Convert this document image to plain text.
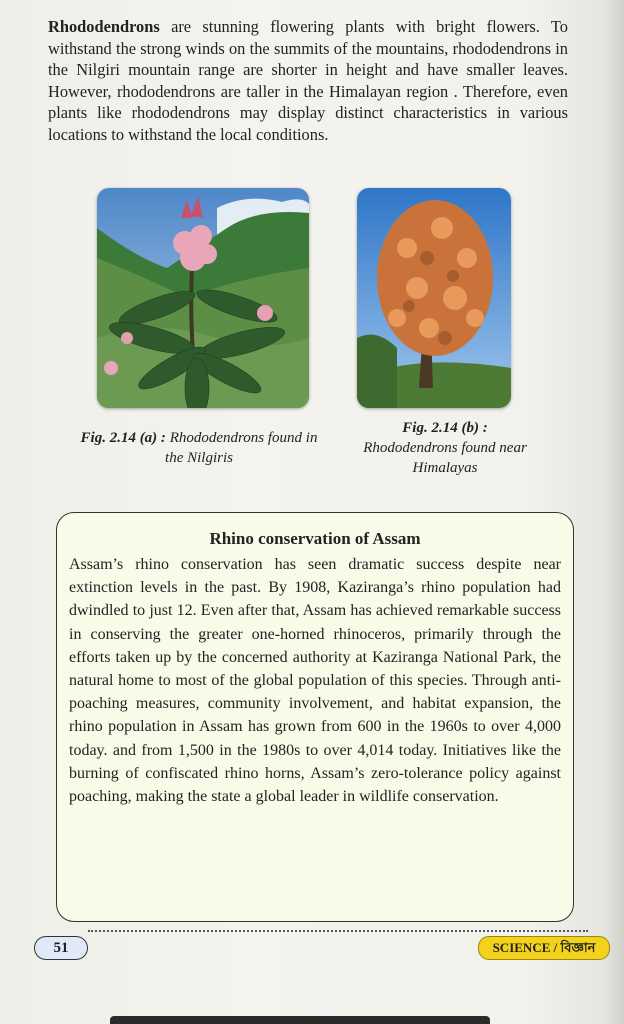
Rhododendrons are stunning flowering plants with bright flowers. To withstand the strong winds on the summits of the mountains, rhododendrons in the Nilgiri mountain range are shorter in height and have smaller leaves. However, rhododendrons are taller in the Himalayan region . Therefore, even plants like rhododendrons may display distinct characteristics in various locations to withstand the local conditions.

Fig. 2.14 (a) : Rhododendrons found in the Nilgiris

Fig. 2.14 (b) :
Rhododendrons found near Himalayas

Rhino conservation of Assam

Assam’s rhino conservation has seen dramatic success despite near extinction levels in the past. By 1908, Kaziranga’s rhino population had dwindled to just 12. Even after that, Assam has achieved remarkable success in conserving the greater one-horned rhinoceros, primarily through the efforts taken up by the concerned authority at Kaziranga National Park, the natural home to most of the global population of this species. Through anti-poaching measures, community involvement, and habitat expansion, the rhino population in Assam has grown from 600 in the 1960s to over 4,000 today. and from 1,500 in the 1980s to over 4,014 today. Initiatives like the burning of confiscated rhino horns, Assam’s zero-tolerance policy against poaching, making the state a global leader in wildlife conservation.

51	SCIENCE / বিজ্ঞান
